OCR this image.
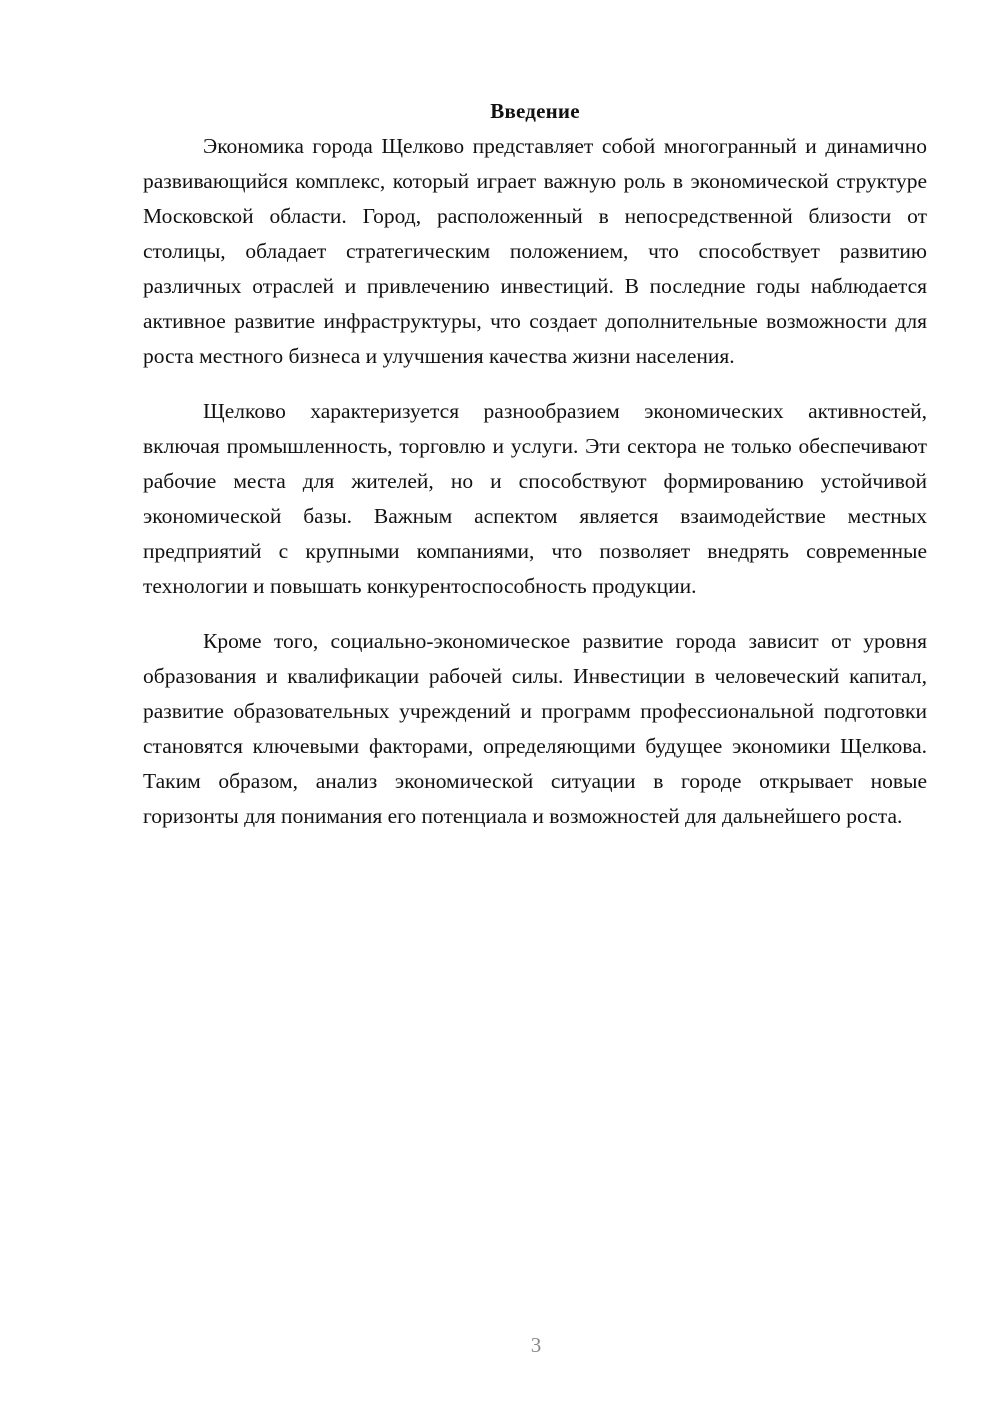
Введение

Экономика города Щелково представляет собой многогранный и динамично развивающийся комплекс, который играет важную роль в экономической структуре Московской области. Город, расположенный в непосредственной близости от столицы, обладает стратегическим положением, что способствует развитию различных отраслей и привлечению инвестиций. В последние годы наблюдается активное развитие инфраструктуры, что создает дополнительные возможности для роста местного бизнеса и улучшения качества жизни населения.

Щелково характеризуется разнообразием экономических активностей, включая промышленность, торговлю и услуги. Эти сектора не только обеспечивают рабочие места для жителей, но и способствуют формированию устойчивой экономической базы. Важным аспектом является взаимодействие местных предприятий с крупными компаниями, что позволяет внедрять современные технологии и повышать конкурентоспособность продукции.

Кроме того, социально-экономическое развитие города зависит от уровня образования и квалификации рабочей силы. Инвестиции в человеческий капитал, развитие образовательных учреждений и программ профессиональной подготовки становятся ключевыми факторами, определяющими будущее экономики Щелкова. Таким образом, анализ экономической ситуации в городе открывает новые горизонты для понимания его потенциала и возможностей для дальнейшего роста.

3
